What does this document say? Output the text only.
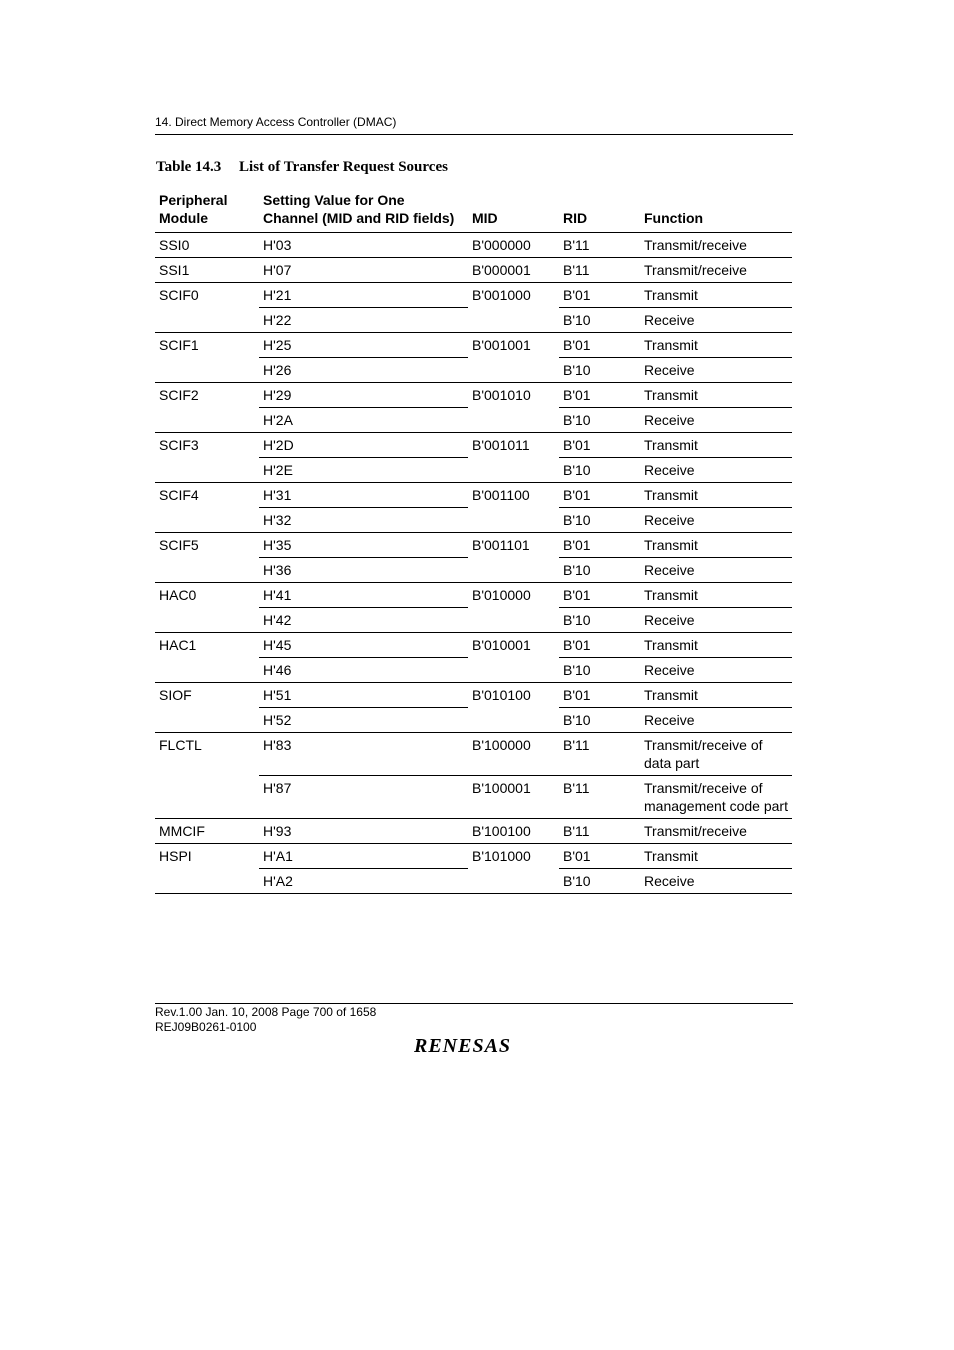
14. Direct Memory Access Controller (DMAC)
Table 14.3 List of Transfer Request Sources
Peripheral
Module	Setting Value for One
Channel (MID and RID fields)	MID	RID	Function
SSI0	H'03	B'000000	B'11	Transmit/receive
SSI1	H'07	B'000001	B'11	Transmit/receive
SCIF0	H'21	B'001000	B'01	Transmit
	H'22		B'10	Receive
SCIF1	H'25	B'001001	B'01	Transmit
	H'26		B'10	Receive
SCIF2	H'29	B'001010	B'01	Transmit
	H'2A		B'10	Receive
SCIF3	H'2D	B'001011	B'01	Transmit
	H'2E		B'10	Receive
SCIF4	H'31	B'001100	B'01	Transmit
	H'32		B'10	Receive
SCIF5	H'35	B'001101	B'01	Transmit
	H'36		B'10	Receive
HAC0	H'41	B'010000	B'01	Transmit
	H'42		B'10	Receive
HAC1	H'45	B'010001	B'01	Transmit
	H'46		B'10	Receive
SIOF	H'51	B'010100	B'01	Transmit
	H'52		B'10	Receive
FLCTL	H'83	B'100000	B'11	Transmit/receive of data part
	H'87	B'100001	B'11	Transmit/receive of management code part
MMCIF	H'93	B'100100	B'11	Transmit/receive
HSPI	H'A1	B'101000	B'01	Transmit
	H'A2		B'10	Receive
Rev.1.00 Jan. 10, 2008 Page 700 of 1658
REJ09B0261-0100
RENESAS
